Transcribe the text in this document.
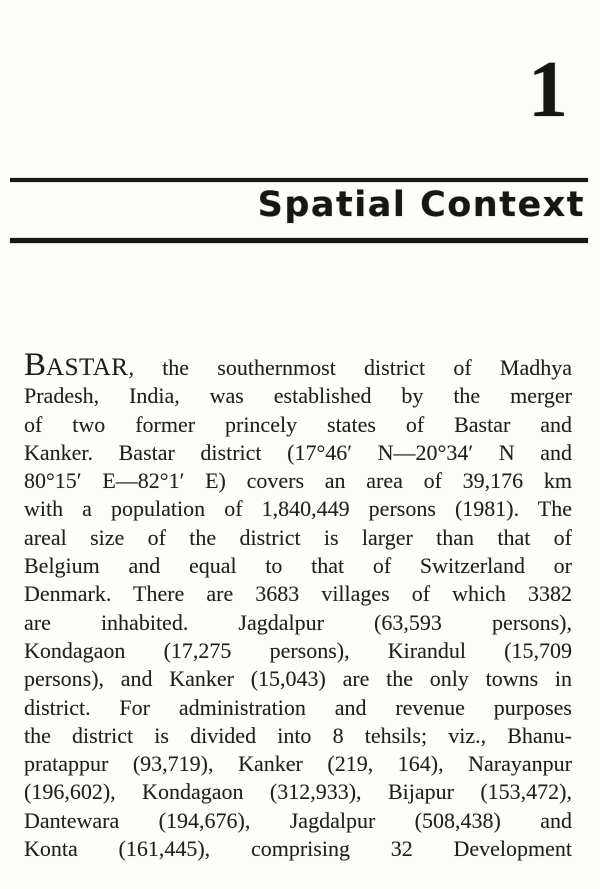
1
Spatial Context
BASTAR, the southernmost district of Madhya
Pradesh, India, was established by the merger
of two former princely states of Bastar and
Kanker. Bastar district (17°46′ N—20°34′ N and
80°15′ E—82°1′ E) covers an area of 39,176 km
with a population of 1,840,449 persons (1981). The
areal size of the district is larger than that of
Belgium and equal to that of Switzerland or
Denmark. There are 3683 villages of which 3382
are inhabited. Jagdalpur (63,593 persons),
Kondagaon (17,275 persons), Kirandul (15,709
persons), and Kanker (15,043) are the only towns in
district. For administration and revenue purposes
the district is divided into 8 tehsils; viz., Bhanu-
pratappur (93,719), Kanker (219, 164), Narayanpur
(196,602), Kondagaon (312,933), Bijapur (153,472),
Dantewara (194,676), Jagdalpur (508,438) and
Konta (161,445), comprising 32 Development
